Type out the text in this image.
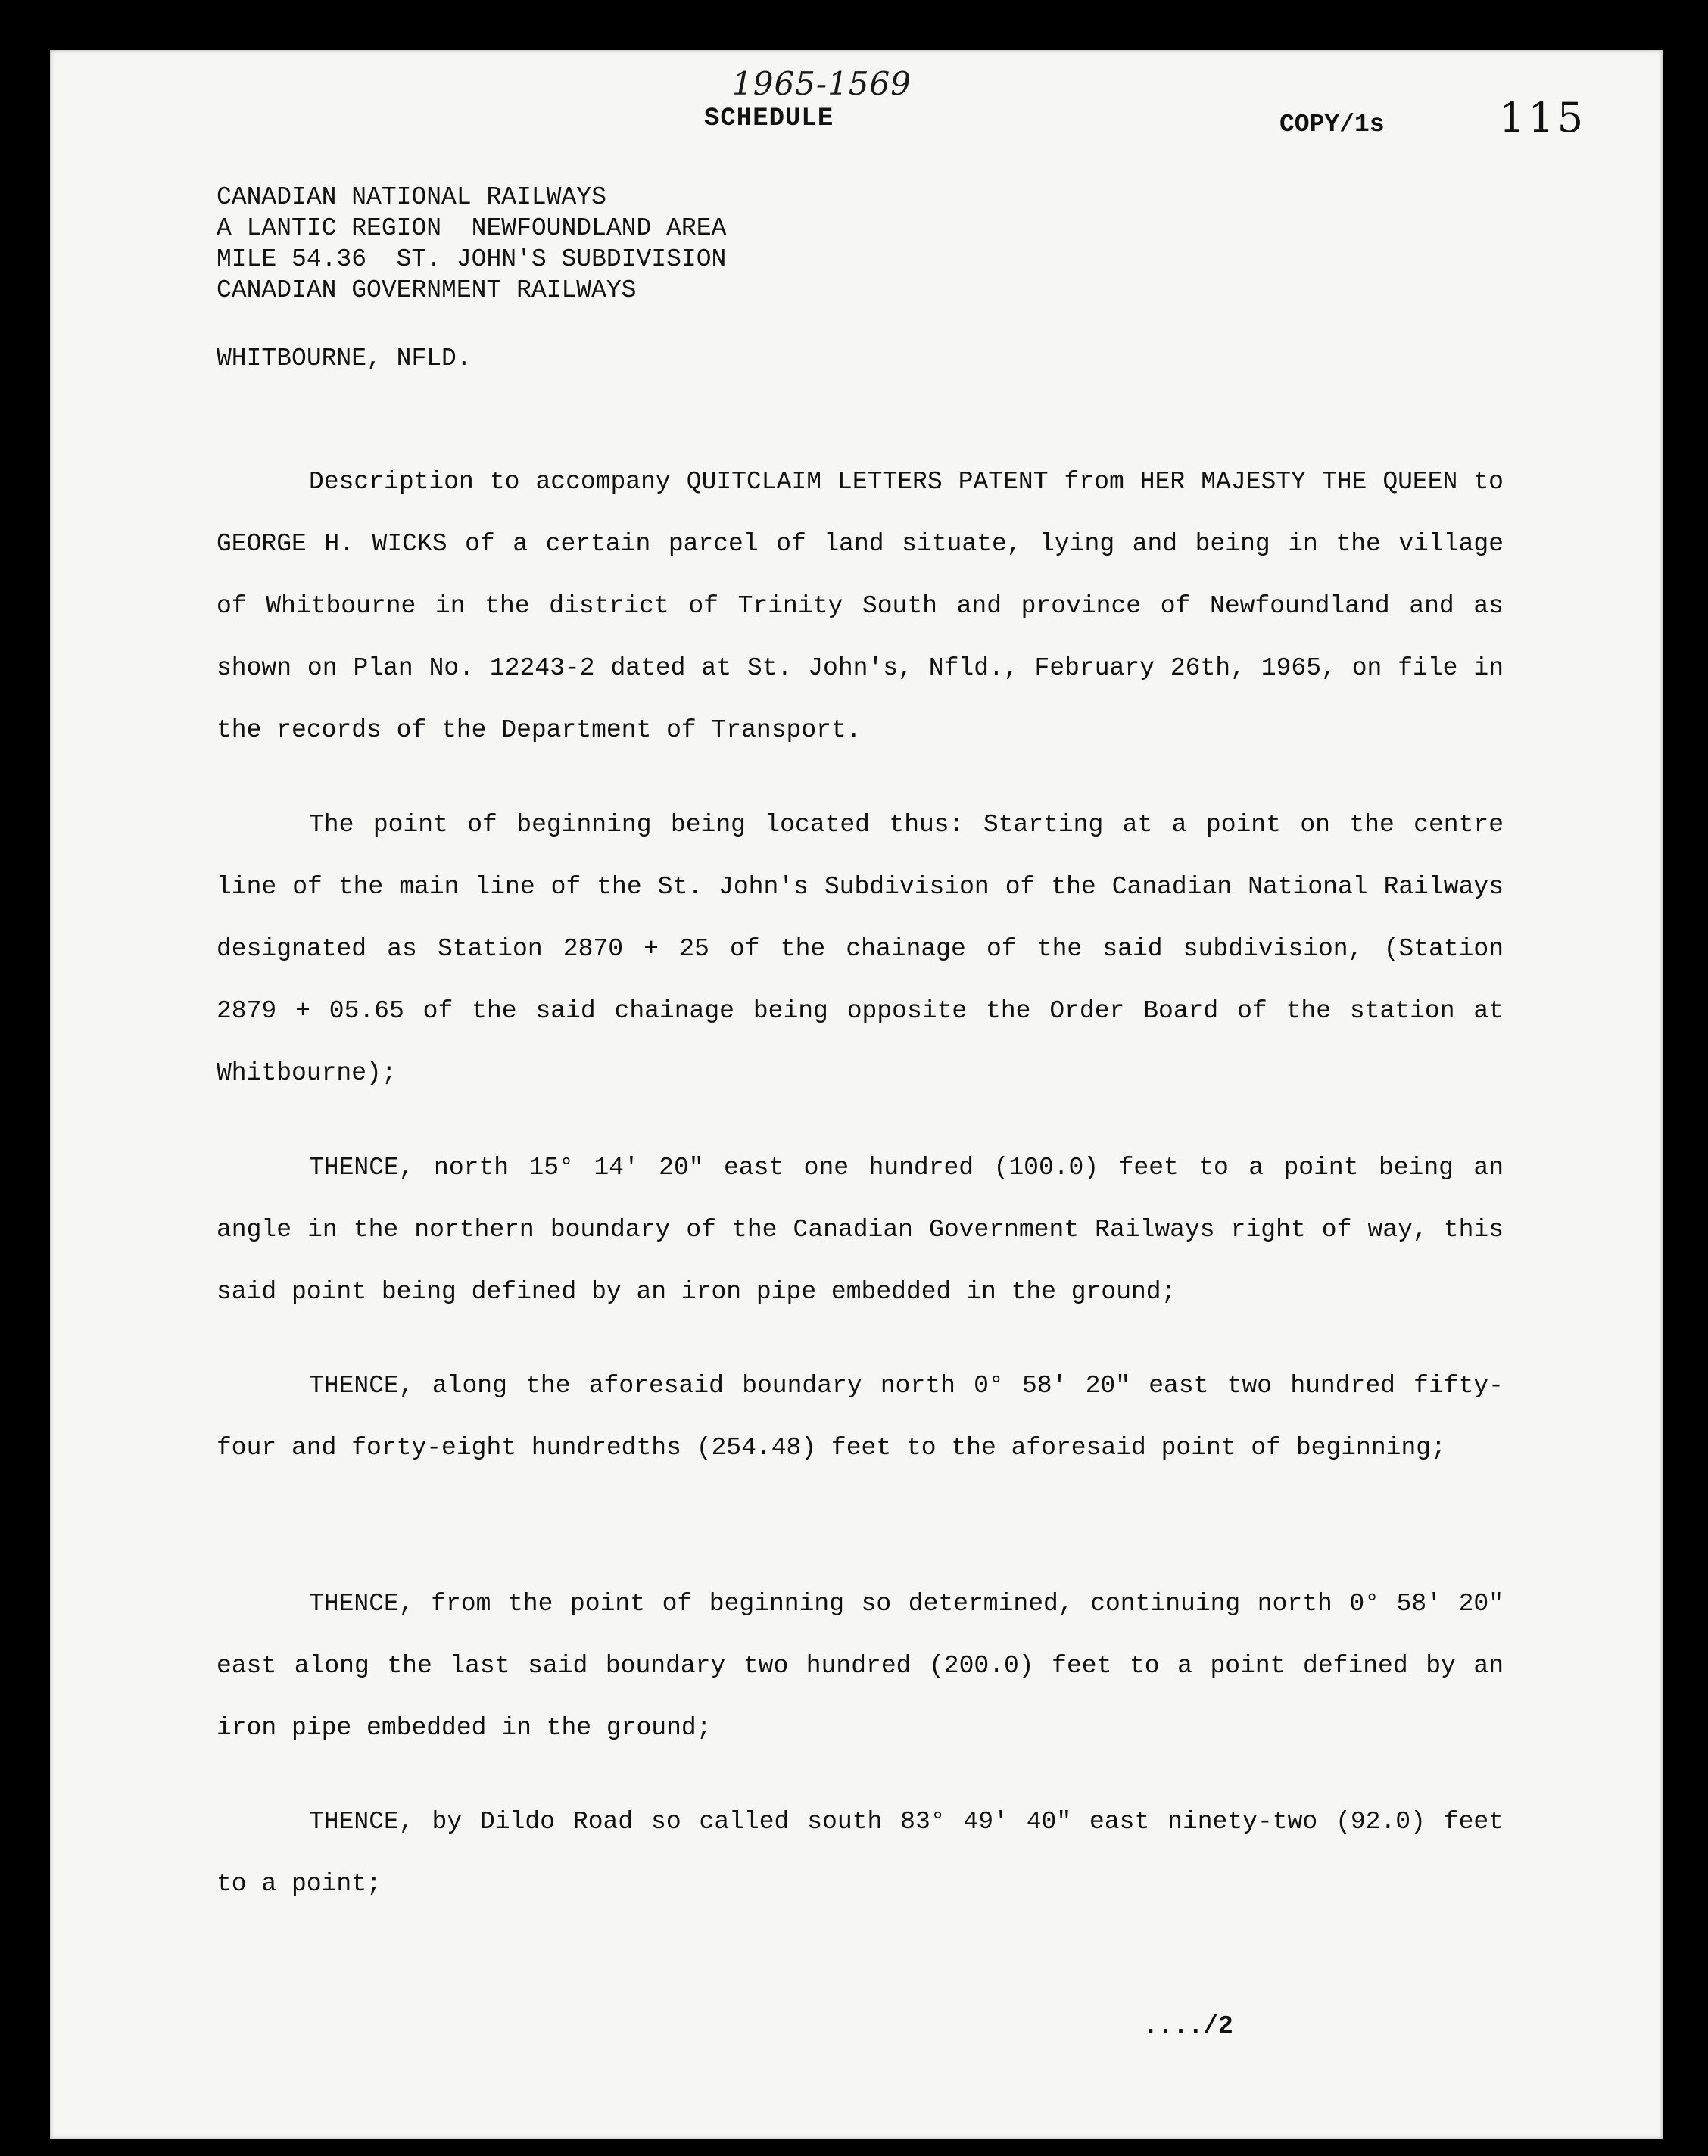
1965-1569
SCHEDULE	COPY/1s	115
CANADIAN NATIONAL RAILWAYS
A LANTIC REGION  NEWFOUNDLAND AREA
MILE 54.36  ST. JOHN'S SUBDIVISION
CANADIAN GOVERNMENT RAILWAYS
WHITBOURNE, NFLD.

Description to accompany QUITCLAIM LETTERS PATENT from HER MAJESTY THE QUEEN to GEORGE H. WICKS of a certain parcel of land situate, lying and being in the village of Whitbourne in the district of Trinity South and province of Newfoundland and as shown on Plan No. 12243-2 dated at St. John's, Nfld., February 26th, 1965, on file in the records of the Department of Transport.

The point of beginning being located thus: Starting at a point on the centre line of the main line of the St. John's Subdivision of the Canadian National Railways designated as Station 2870 + 25 of the chainage of the said subdivision, (Station 2879 + 05.65 of the said chainage being opposite the Order Board of the station at Whitbourne);

THENCE, north 15° 14' 20" east one hundred (100.0) feet to a point being an angle in the northern boundary of the Canadian Government Railways right of way, this said point being defined by an iron pipe embedded in the ground;

THENCE, along the aforesaid boundary north 0° 58' 20" east two hundred fifty-four and forty-eight hundredths (254.48) feet to the aforesaid point of beginning;

THENCE, from the point of beginning so determined, continuing north 0° 58' 20" east along the last said boundary two hundred (200.0) feet to a point defined by an iron pipe embedded in the ground;

THENCE, by Dildo Road so called south 83° 49' 40" east ninety-two (92.0) feet to a point;

..../2
